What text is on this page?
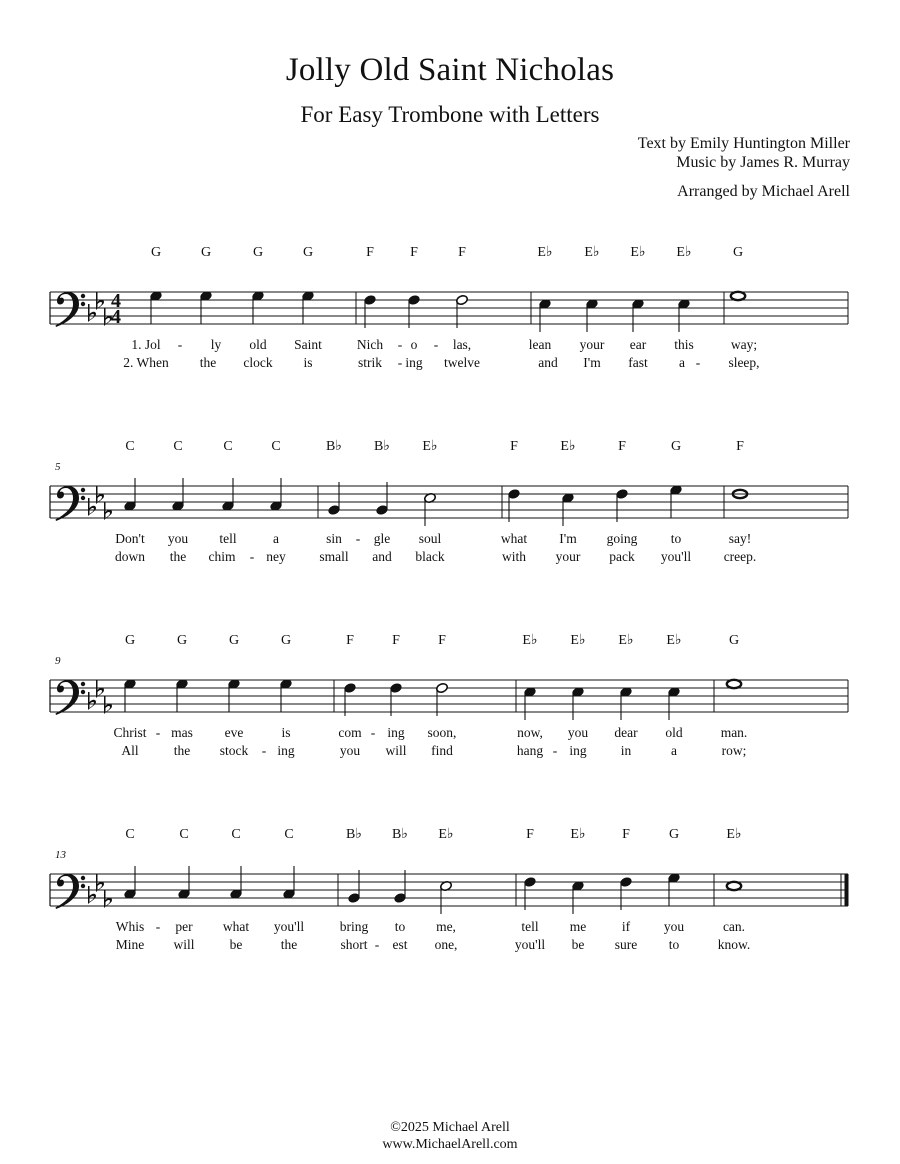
Jolly Old Saint Nicholas
For Easy Trombone with Letters
Text by Emily Huntington Miller
Music by James R. Murray
Arranged by Michael Arell
4
4
G	G	G	G	F	F	F	E♭ E♭ E♭ E♭	G
1. Jol - ly old Saint	Nich - o - las,	lean your ear this	way;
2. When the clock is	strik - ing twelve	and I'm fast a - sleep,
5
C	C	C	C	B♭ B♭ E♭	F	E♭	F	G	F
Don't you tell	a	sin - gle soul	what I'm going to	say!
down the chim - ney small and black	with your pack you'll creep.
9
G	G	G	G	F	F	F	E♭ E♭ E♭ E♭	G
Christ - mas eve	is	com - ing soon,	now, you dear old	man.
All	the stock - ing	you will find	hang - ing	in	a	row;
13
C	C	C	C	B♭ B♭ E♭	F	E♭	F	G	E♭
Whis - per what you'll	bring to me,	tell me	if	you	can.
Mine will	be	the	short - est one,	you'll be sure to	know.
©2025 Michael Arell
www.MichaelArell.com
